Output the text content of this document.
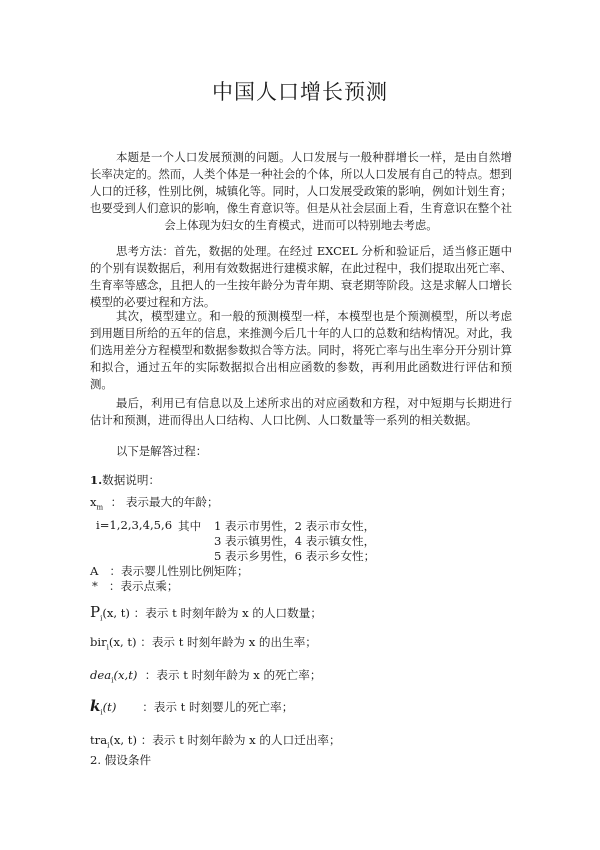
中国人口增长预测

本题是一个人口发展预测的问题。人口发展与一般种群增长一样，是由自然增长率决定的。然而，人类个体是一种社会的个体，所以人口发展有自己的特点。想到人口的迁移，性别比例，城镇化等。同时，人口发展受政策的影响，例如计划生育；也要受到人们意识的影响，像生育意识等。但是从社会层面上看，生育意识在整个社会上体现为妇女的生育模式，进而可以特别地去考虑。

思考方法：首先，数据的处理。在经过 EXCEL 分析和验证后，适当修正题中的个别有误数据后，利用有效数据进行建模求解，在此过程中，我们提取出死亡率、生育率等感念，且把人的一生按年龄分为青年期、衰老期等阶段。这是求解人口增长模型的必要过程和方法。

其次，模型建立。和一般的预测模型一样，本模型也是个预测模型，所以考虑到用题目所给的五年的信息，来推测今后几十年的人口的总数和结构情况。对此，我们选用差分方程模型和数据参数拟合等方法。同时，将死亡率与出生率分开分别计算和拟合，通过五年的实际数据拟合出相应函数的参数，再利用此函数进行评估和预测。

最后，利用已有信息以及上述所求出的对应函数和方程，对中短期与长期进行估计和预测，进而得出人口结构、人口比例、人口数量等一系列的相关数据。

以下是解答过程：

1.数据说明：
$x_m$ ： 表示最大的年龄；
i=1,2,3,4,5,6 其中 1 表示市男性，2 表示市女性，
3 表示镇男性，4 表示镇女性，
5 表示乡男性，6 表示乡女性；
A ：表示婴儿性别比例矩阵；
* ：表示点乘；
$P_i(x$, t) ：表示 t 时刻年龄为 x 的人口数量；
bir$_i$(x, t) ：表示 t 时刻年龄为 x 的出生率；
dea$_i$(x,t) ：表示 t 时刻年龄为 x 的死亡率；
$k_i(t)$ ：表示 t 时刻婴儿的死亡率；
tra$_i$(x, t) ：表示 t 时刻年龄为 x 的人口迁出率；
2. 假设条件
